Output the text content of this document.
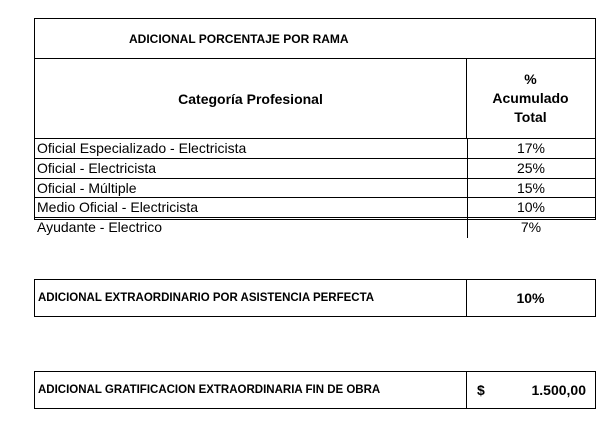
ADICIONAL PORCENTAJE POR RAMA
Categoría Profesional
%
Acumulado
Total
Oficial Especializado - Electricista	17%
Oficial - Electricista	25%
Oficial - Múltiple	15%
Medio Oficial - Electricista	10%
Ayudante - Electrico	7%
ADICIONAL EXTRAORDINARIO POR ASISTENCIA PERFECTA	10%
ADICIONAL GRATIFICACION EXTRAORDINARIA FIN DE OBRA	$	1.500,00
